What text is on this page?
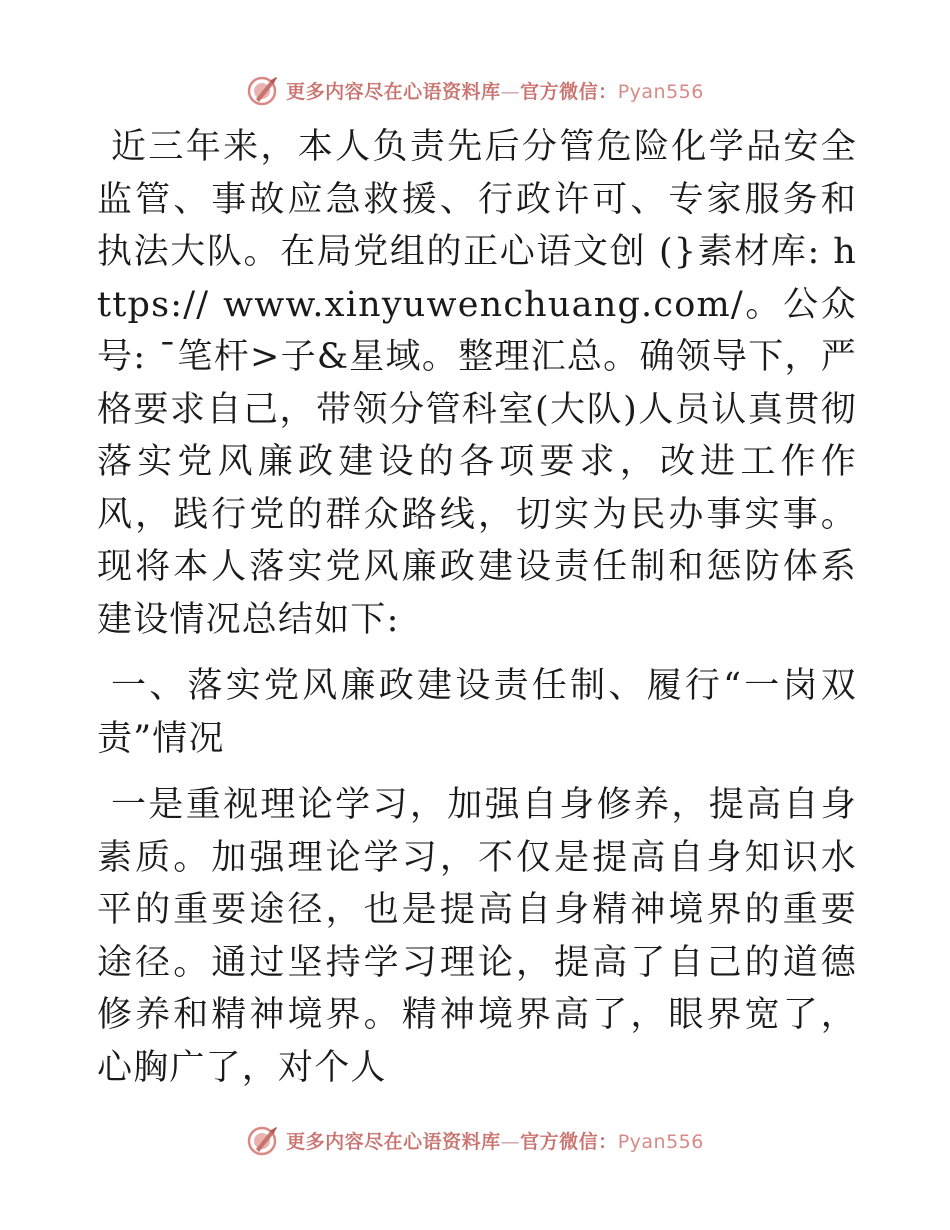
更多内容尽在心语资料库—官方微信：Pyan556

近三年来，本人负责先后分管危险化学品安全监管、事故应急救援、行政许可、专家服务和执法大队。在局党组的正心语文创 (}素材库: https:// www.xinyuwenchuang.com/。公众号: ¯笔杆>子&星域。整理汇总。确领导下，严格要求自己，带领分管科室(大队)人员认真贯彻落实党风廉政建设的各项要求，改进工作作风，践行党的群众路线，切实为民办事实事。现将本人落实党风廉政建设责任制和惩防体系建设情况总结如下:

一、落实党风廉政建设责任制、履行“一岗双责”情况

一是重视理论学习，加强自身修养，提高自身素质。加强理论学习，不仅是提高自身知识水平的重要途径，也是提高自身精神境界的重要途径。通过坚持学习理论，提高了自己的道德修养和精神境界。精神境界高了，眼界宽了，心胸广了，对个人

更多内容尽在心语资料库—官方微信：Pyan556
